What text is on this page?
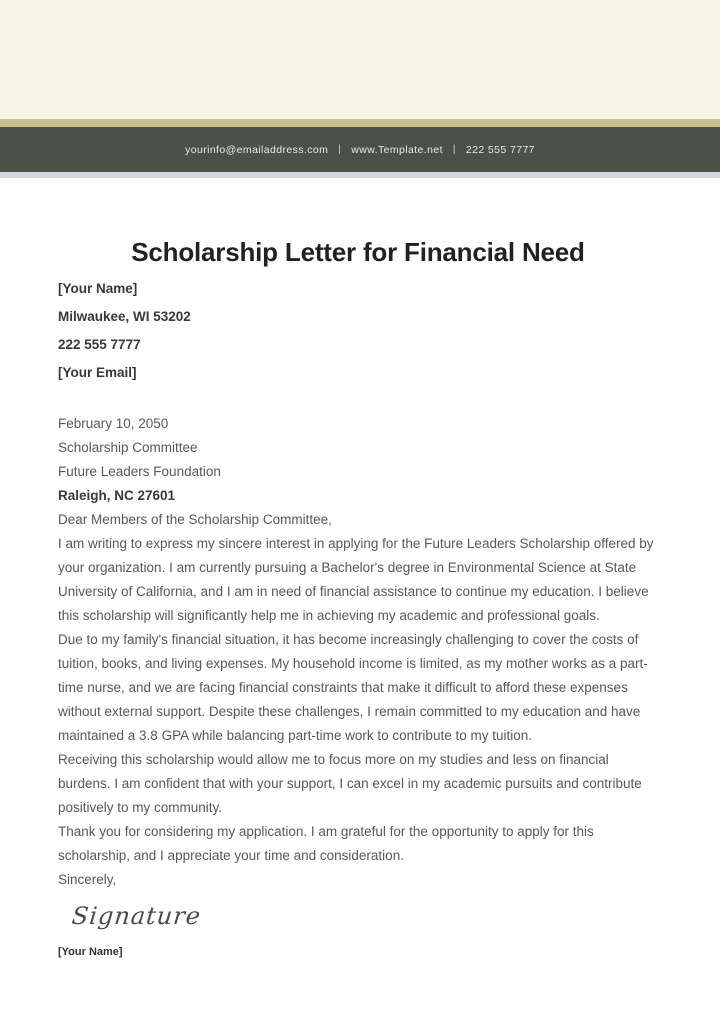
yourinfo@emailaddress.com | www.Template.net | 222 555 7777
Scholarship Letter for Financial Need
[Your Name]
Milwaukee, WI 53202
222 555 7777
[Your Email]

February 10, 2050

Scholarship Committee

Future Leaders Foundation

Raleigh, NC 27601

Dear Members of the Scholarship Committee,

I am writing to express my sincere interest in applying for the Future Leaders Scholarship offered by your organization. I am currently pursuing a Bachelor's degree in Environmental Science at State University of California, and I am in need of financial assistance to continue my education. I believe this scholarship will significantly help me in achieving my academic and professional goals.

Due to my family's financial situation, it has become increasingly challenging to cover the costs of tuition, books, and living expenses. My household income is limited, as my mother works as a part-time nurse, and we are facing financial constraints that make it difficult to afford these expenses without external support. Despite these challenges, I remain committed to my education and have maintained a 3.8 GPA while balancing part-time work to contribute to my tuition.

Receiving this scholarship would allow me to focus more on my studies and less on financial burdens. I am confident that with your support, I can excel in my academic pursuits and contribute positively to my community.

Thank you for considering my application. I am grateful for the opportunity to apply for this scholarship, and I appreciate your time and consideration.

Sincerely,

Signature
[Your Name]
